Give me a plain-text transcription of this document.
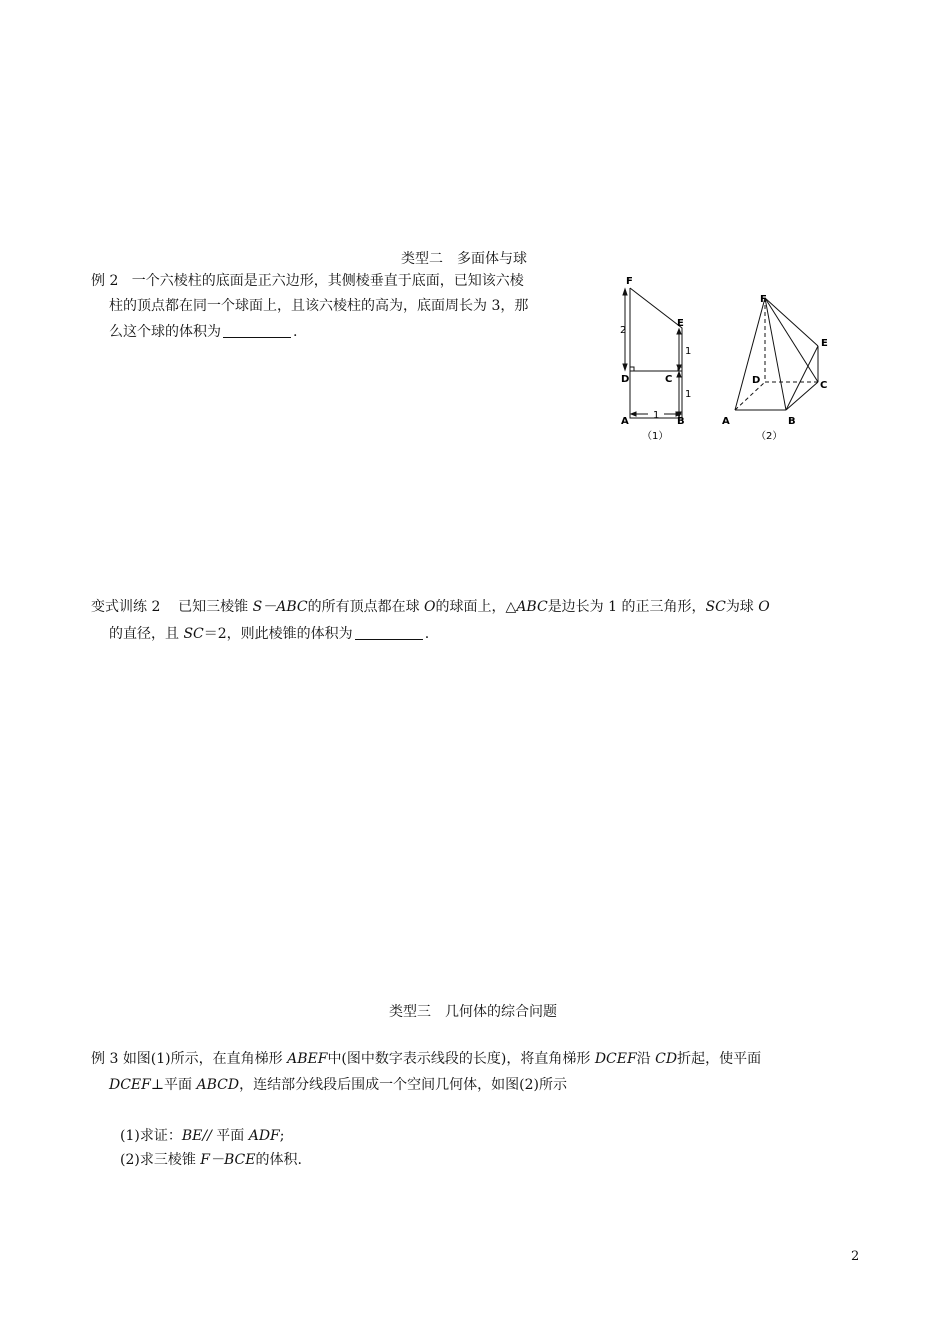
类型二　多面体与球
例 2 一个六棱柱的底面是正六边形，其侧棱垂直于底面，已知该六棱
柱的顶点都在同一个球面上，且该六棱柱的高为，底面周长为 3，那
么这个球的体积为	.
F
E
D	C
A	B
2
1
1
1
（1）
F
E
D	C
A	B
（2）
变式训练 2 已知三棱锥 S－ABC的所有顶点都在球 O的球面上，△ABC是边长为 1 的正三角形，SC为球 O
的直径，且 SC＝2，则此棱锥的体积为	.
类型三　几何体的综合问题
例 3 如图(1)所示，在直角梯形 ABEF中(图中数字表示线段的长度)，将直角梯形 DCEF沿 CD折起，使平面
DCEF⊥平面 ABCD，连结部分线段后围成一个空间几何体，如图(2)所示
(1)求证：BE// 平面 ADF;
(2)求三棱锥 F－BCE的体积.
2
